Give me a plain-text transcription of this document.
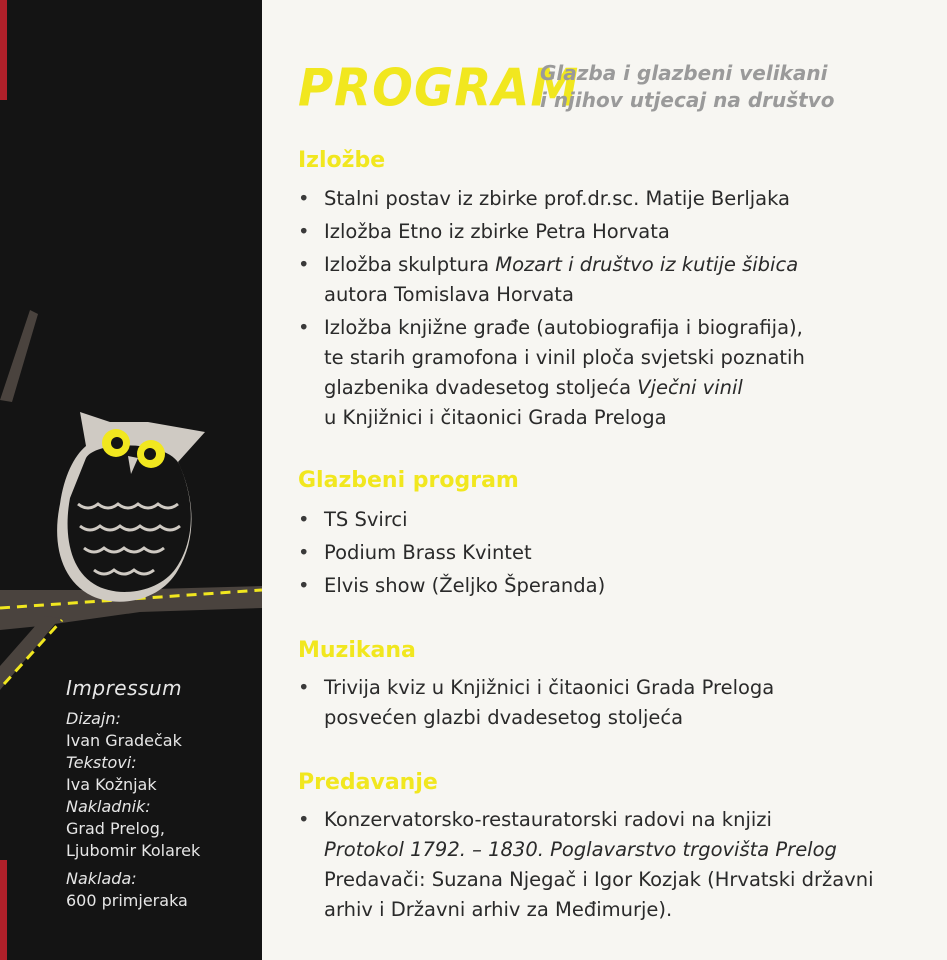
Impressum
Dizajn:
Ivan Gradečak
Tekstovi:
Iva Kožnjak
Nakladnik:
Grad Prelog,
Ljubomir Kolarek
Naklada:
600 primjeraka
PROGRAM
Glazba i glazbeni velikani
i njihov utjecaj na društvo
Izložbe
• Stalni postav iz zbirke prof.dr.sc. Matije Berljaka
• Izložba Etno iz zbirke Petra Horvata
• Izložba skulptura Mozart i društvo iz kutije šibica
autora Tomislava Horvata
• Izložba knjižne građe (autobiografija i biografija),
te starih gramofona i vinil ploča svjetski poznatih
glazbenika dvadesetog stoljeća Vječni vinil
u Knjižnici i čitaonici Grada Preloga
Glazbeni program
• TS Svirci
• Podium Brass Kvintet
• Elvis show (Željko Šperanda)
Muzikana
• Trivija kviz u Knjižnici i čitaonici Grada Preloga
posvećen glazbi dvadesetog stoljeća
Predavanje
• Konzervatorsko-restauratorski radovi na knjizi
Protokol 1792. – 1830. Poglavarstvo trgovišta Prelog
Predavači: Suzana Njegač i Igor Kozjak (Hrvatski državni
arhiv i Državni arhiv za Međimurje).
